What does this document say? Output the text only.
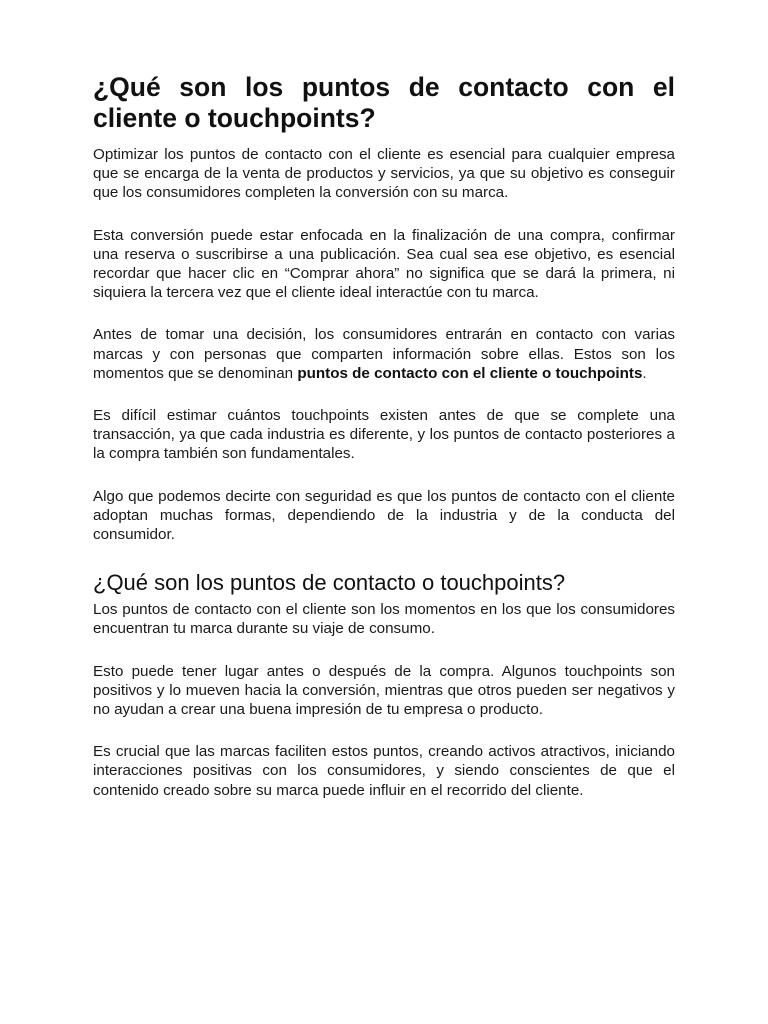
¿Qué son los puntos de contacto con el cliente o touchpoints?

Optimizar los puntos de contacto con el cliente es esencial para cualquier empresa que se encarga de la venta de productos y servicios, ya que su objetivo es conseguir que los consumidores completen la conversión con su marca.

Esta conversión puede estar enfocada en la finalización de una compra, confirmar una reserva o suscribirse a una publicación. Sea cual sea ese objetivo, es esencial recordar que hacer clic en “Comprar ahora” no significa que se dará la primera, ni siquiera la tercera vez que el cliente ideal interactúe con tu marca.

Antes de tomar una decisión, los consumidores entrarán en contacto con varias marcas y con personas que comparten información sobre ellas. Estos son los momentos que se denominan puntos de contacto con el cliente o touchpoints.

Es difícil estimar cuántos touchpoints existen antes de que se complete una transacción, ya que cada industria es diferente, y los puntos de contacto posteriores a la compra también son fundamentales.

Algo que podemos decirte con seguridad es que los puntos de contacto con el cliente adoptan muchas formas, dependiendo de la industria y de la conducta del consumidor.

¿Qué son los puntos de contacto o touchpoints?

Los puntos de contacto con el cliente son los momentos en los que los consumidores encuentran tu marca durante su viaje de consumo.

Esto puede tener lugar antes o después de la compra. Algunos touchpoints son positivos y lo mueven hacia la conversión, mientras que otros pueden ser negativos y no ayudan a crear una buena impresión de tu empresa o producto.

Es crucial que las marcas faciliten estos puntos, creando activos atractivos, iniciando interacciones positivas con los consumidores, y siendo conscientes de que el contenido creado sobre su marca puede influir en el recorrido del cliente.
